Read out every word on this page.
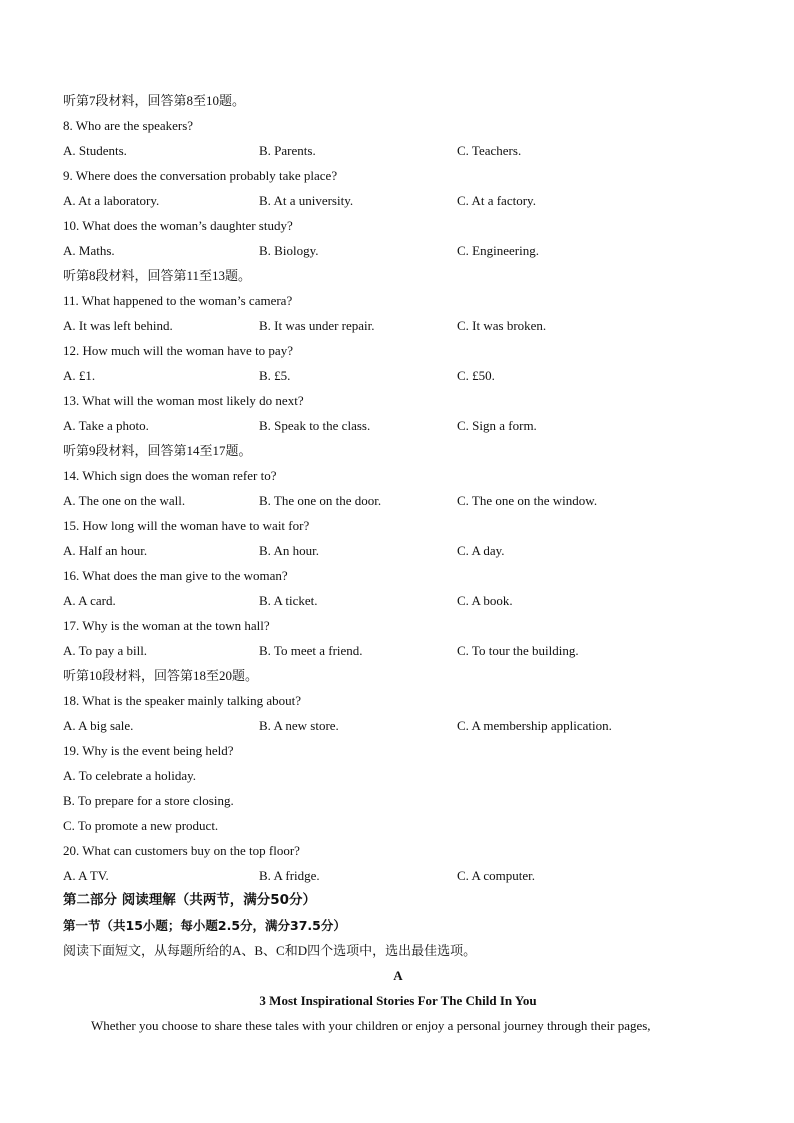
听第7段材料，回答第8至10题。
8. Who are the speakers?
A. Students.	B. Parents.	C. Teachers.
9. Where does the conversation probably take place?
A. At a laboratory.	B. At a university.	C. At a factory.
10. What does the woman’s daughter study?
A. Maths.	B. Biology.	C. Engineering.
听第8段材料，回答第11至13题。
11. What happened to the woman’s camera?
A. It was left behind.	B. It was under repair.	C. It was broken.
12. How much will the woman have to pay?
A. £1.	B. £5.	C. £50.
13. What will the woman most likely do next?
A. Take a photo.	B. Speak to the class.	C. Sign a form.
听第9段材料，回答第14至17题。
14. Which sign does the woman refer to?
A. The one on the wall.	B. The one on the door.	C. The one on the window.
15. How long will the woman have to wait for?
A. Half an hour.	B. An hour.	C. A day.
16. What does the man give to the woman?
A. A card.	B. A ticket.	C. A book.
17. Why is the woman at the town hall?
A. To pay a bill.	B. To meet a friend.	C. To tour the building.
听第10段材料，回答第18至20题。
18. What is the speaker mainly talking about?
A. A big sale.	B. A new store.	C. A membership application.
19. Why is the event being held?
A. To celebrate a holiday.
B. To prepare for a store closing.
C. To promote a new product.
20. What can customers buy on the top floor?
A. A TV.	B. A fridge.	C. A computer.
第二部分 阅读理解（共两节，满分50分）
第一节（共15小题；每小题2.5分，满分37.5分）
阅读下面短文，从每题所给的A、B、C和D四个选项中，选出最佳选项。
A
3 Most Inspirational Stories For The Child In You
Whether you choose to share these tales with your children or enjoy a personal journey through their pages,
